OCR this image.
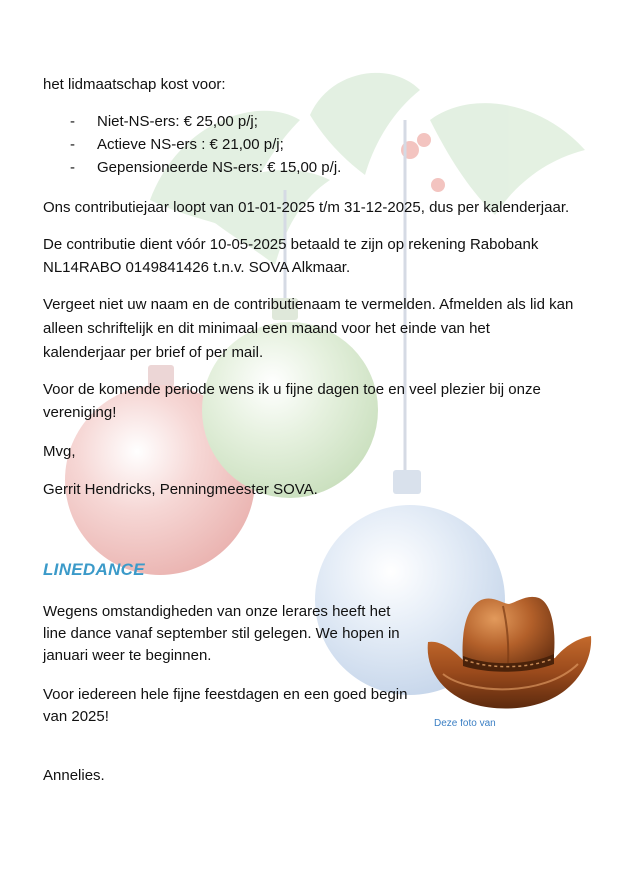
het lidmaatschap kost voor:

- Niet-NS-ers: € 25,00 p/j;
- Actieve NS-ers : € 21,00 p/j;
- Gepensioneerde NS-ers: € 15,00 p/j.

Ons contributiejaar loopt van 01-01-2025 t/m 31-12-2025, dus per kalenderjaar.

De contributie dient vóór 10-05-2025 betaald te zijn op rekening Rabobank

NL14RABO 0149841426 t.n.v. SOVA Alkmaar.

Vergeet niet uw naam en de contributienaam te vermelden. Afmelden als lid kan

alleen schriftelijk en dit minimaal een maand voor het einde van het

kalenderjaar per brief of per mail.

Voor de komende periode wens ik u fijne dagen toe en veel plezier bij onze

vereniging!

Mvg,

Gerrit Hendricks, Penningmeester SOVA.

LINEDANCE

Wegens omstandigheden van onze lerares heeft het

line dance vanaf september stil gelegen. We hopen in

januari weer te beginnen.

Voor iedereen hele fijne feestdagen en een goed begin

van 2025!

Annelies.

Deze foto van
